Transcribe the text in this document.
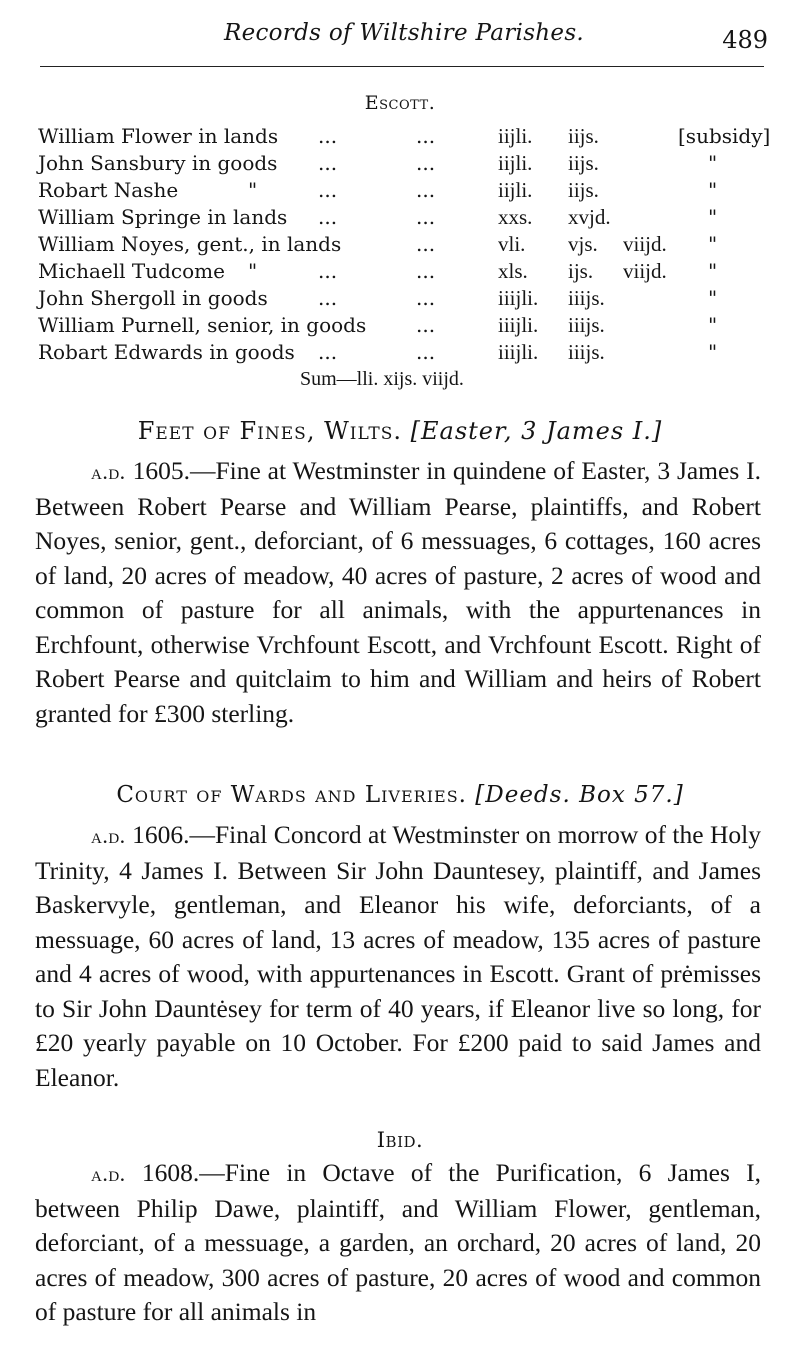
Records of Wiltshire Parishes.	489
Escott.
William Flower in lands ...	...	iijli. iijs.	[subsidy]
John Sansbury in goods ...	...	iijli. iijs.	"
Robart Nashe	"	...	...	iijli. iijs.	"
William Springe in lands ...	...	xxs. xvjd.	"
William Noyes, gent., in lands	...	vli. vjs. viijd. "
Michaell Tudcome "	...	...	xls. ijs. viijd. "
John Shergoll in goods	...	...	iiijli. iiijs.	"
William Purnell, senior, in goods ...	iiijli. iiijs.	"
Robart Edwards in goods ...	...	iiijli. iiijs.	"
Sum—lli. xijs. viijd.
Feet of Fines, Wilts. [Easter, 3 James I.]

a.d. 1605.—Fine at Westminster in quindene of Easter, 3 James I. Between Robert Pearse and William Pearse, plaintiffs, and Robert Noyes, senior, gent., deforciant, of 6 messuages, 6 cottages, 160 acres of land, 20 acres of meadow, 40 acres of pasture, 2 acres of wood and common of pasture for all animals, with the appurtenances in Erchfount, otherwise Vrchfount Escott, and Vrchfount Escott. Right of Robert Pearse and quitclaim to him and William and heirs of Robert granted for £300 sterling.

Court of Wards and Liveries. [Deeds. Box 57.]

a.d. 1606.—Final Concord at Westminster on morrow of the Holy Trinity, 4 James I. Between Sir John Dauntesey, plaintiff, and James Baskervyle, gentleman, and Eleanor his wife, deforciants, of a messuage, 60 acres of land, 13 acres of meadow, 135 acres of pasture and 4 acres of wood, with appurtenances in Escott. Grant of prėmisses to Sir John Dauntėsey for term of 40 years, if Eleanor live so long, for £20 yearly payable on 10 October. For £200 paid to said James and Eleanor.

Ibid.

a.d. 1608.—Fine in Octave of the Purification, 6 James I, between Philip Dawe, plaintiff, and William Flower, gentleman, deforciant, of a messuage, a garden, an orchard, 20 acres of land, 20 acres of meadow, 300 acres of pasture, 20 acres of wood and common of pasture for all animals in
